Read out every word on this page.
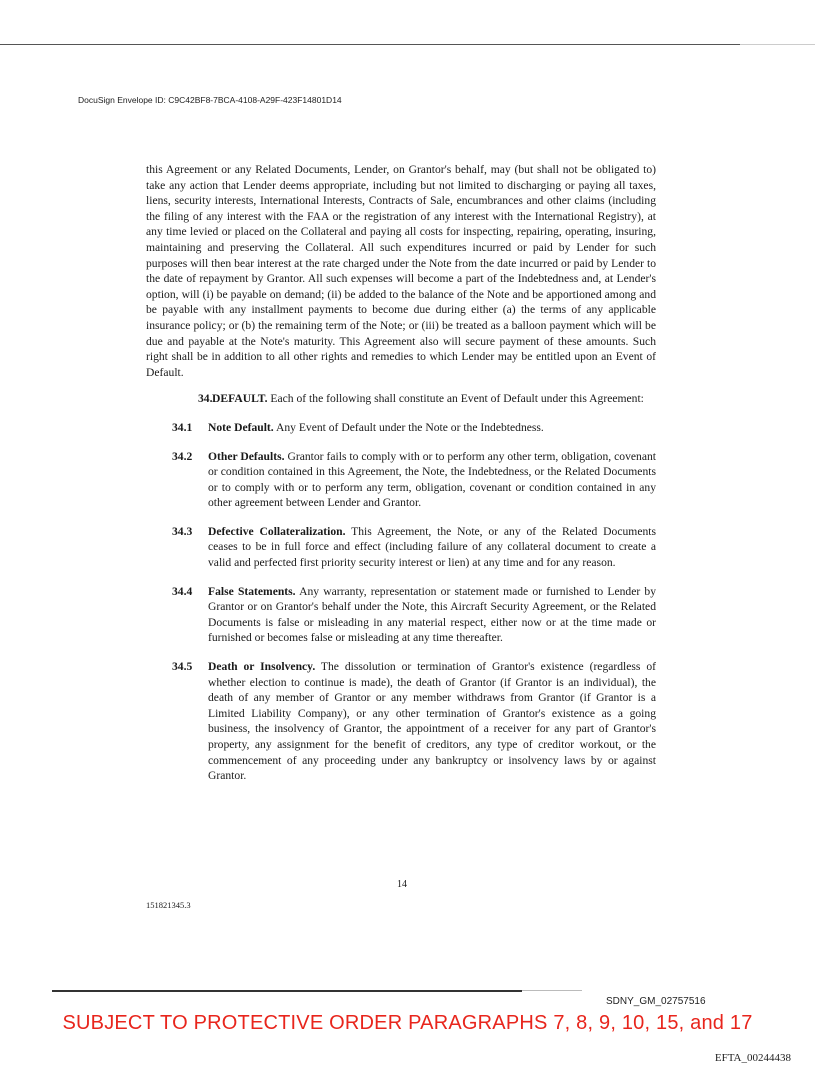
DocuSign Envelope ID: C9C42BF8-7BCA-4108-A29F-423F14801D14

this Agreement or any Related Documents, Lender, on Grantor's behalf, may (but shall not be obligated to) take any action that Lender deems appropriate, including but not limited to discharging or paying all taxes, liens, security interests, International Interests, Contracts of Sale, encumbrances and other claims (including the filing of any interest with the FAA or the registration of any interest with the International Registry), at any time levied or placed on the Collateral and paying all costs for inspecting, repairing, operating, insuring, maintaining and preserving the Collateral. All such expenditures incurred or paid by Lender for such purposes will then bear interest at the rate charged under the Note from the date incurred or paid by Lender to the date of repayment by Grantor. All such expenses will become a part of the Indebtedness and, at Lender's option, will (i) be payable on demand; (ii) be added to the balance of the Note and be apportioned among and be payable with any installment payments to become due during either (a) the terms of any applicable insurance policy; or (b) the remaining term of the Note; or (iii) be treated as a balloon payment which will be due and payable at the Note's maturity. This Agreement also will secure payment of these amounts. Such right shall be in addition to all other rights and remedies to which Lender may be entitled upon an Event of Default.

34.DEFAULT. Each of the following shall constitute an Event of Default under this Agreement:

34.1 Note Default. Any Event of Default under the Note or the Indebtedness.
34.2 Other Defaults. Grantor fails to comply with or to perform any other term, obligation, covenant or condition contained in this Agreement, the Note, the Indebtedness, or the Related Documents or to comply with or to perform any term, obligation, covenant or condition contained in any other agreement between Lender and Grantor.
34.3 Defective Collateralization. This Agreement, the Note, or any of the Related Documents ceases to be in full force and effect (including failure of any collateral document to create a valid and perfected first priority security interest or lien) at any time and for any reason.
34.4 False Statements. Any warranty, representation or statement made or furnished to Lender by Grantor or on Grantor's behalf under the Note, this Aircraft Security Agreement, or the Related Documents is false or misleading in any material respect, either now or at the time made or furnished or becomes false or misleading at any time thereafter.
34.5 Death or Insolvency. The dissolution or termination of Grantor's existence (regardless of whether election to continue is made), the death of Grantor (if Grantor is an individual), the death of any member of Grantor or any member withdraws from Grantor (if Grantor is a Limited Liability Company), or any other termination of Grantor's existence as a going business, the insolvency of Grantor, the appointment of a receiver for any part of Grantor's property, any assignment for the benefit of creditors, any type of creditor workout, or the commencement of any proceeding under any bankruptcy or insolvency laws by or against Grantor.
14
151821345.3
SDNY_GM_02757516
SUBJECT TO PROTECTIVE ORDER PARAGRAPHS 7, 8, 9, 10, 15, and 17
EFTA_00244438
